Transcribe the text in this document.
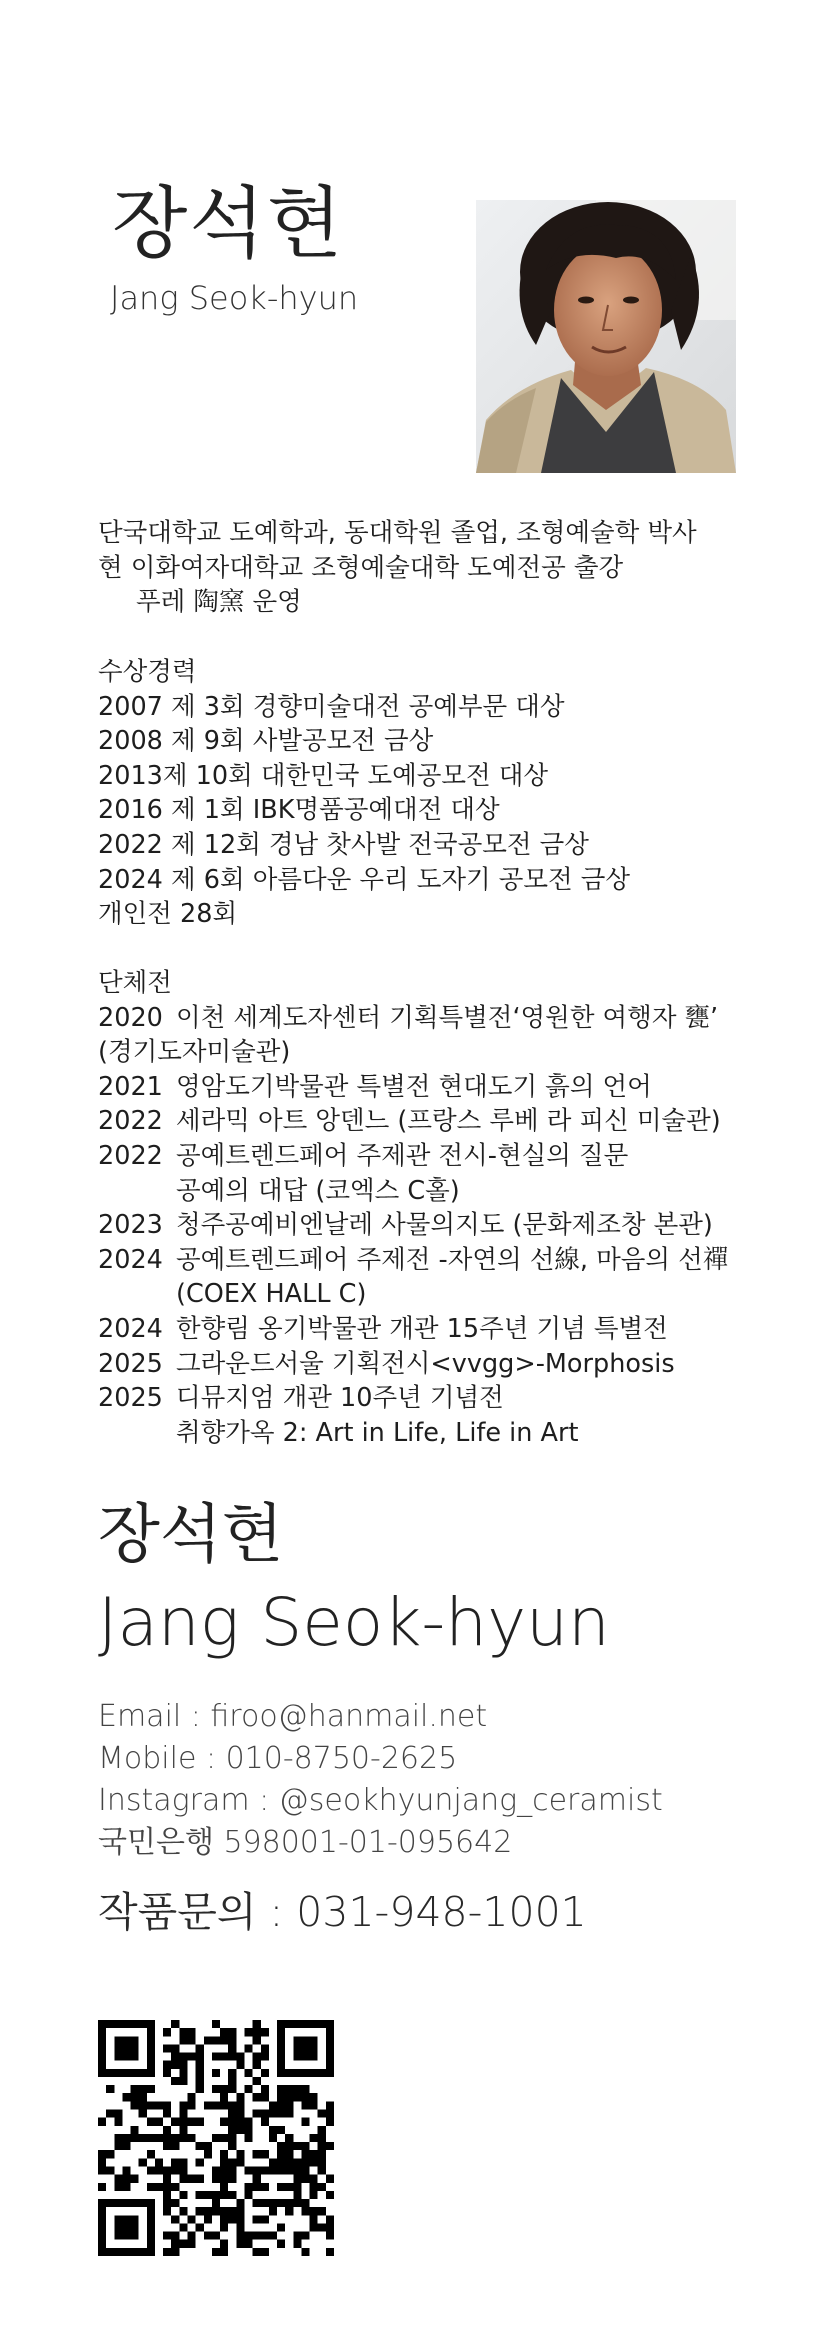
장석현
Jang Seok-hyun
단국대학교 도예학과, 동대학원 졸업, 조형예술학 박사
현 이화여자대학교 조형예술대학 도예전공 출강
푸레 陶窯 운영
수상경력
2007 제 3회 경향미술대전 공예부문 대상
2008 제 9회 사발공모전 금상
2013제 10회 대한민국 도예공모전 대상
2016 제 1회 IBK명품공예대전 대상
2022 제 12회 경남 찻사발 전국공모전 금상
2024 제 6회 아름다운 우리 도자기 공모전 금상
개인전 28회
단체전
2020 이천 세계도자센터 기획특별전‘영원한 여행자 甕’
(경기도자미술관)
2021 영암도기박물관 특별전 현대도기 흙의 언어
2022 세라믹 아트 앙덴느 (프랑스 루베 라 피신 미술관)
2022 공예트렌드페어 주제관 전시-현실의 질문
공예의 대답 (코엑스 C홀)
2023 청주공예비엔날레 사물의지도 (문화제조창 본관)
2024 공예트렌드페어 주제전 -자연의 선線, 마음의 선禪
(COEX HALL C)
2024 한향림 옹기박물관 개관 15주년 기념 특별전
2025 그라운드서울 기획전시<vvgg>-Morphosis
2025 디뮤지엄 개관 10주년 기념전
취향가옥 2: Art in Life, Life in Art
장석현
Jang Seok-hyun
Email : firoo@hanmail.net
Mobile : 010-8750-2625
Instagram : @seokhyunjang_ceramist
국민은행 598001-01-095642
작품문의 : 031-948-1001
